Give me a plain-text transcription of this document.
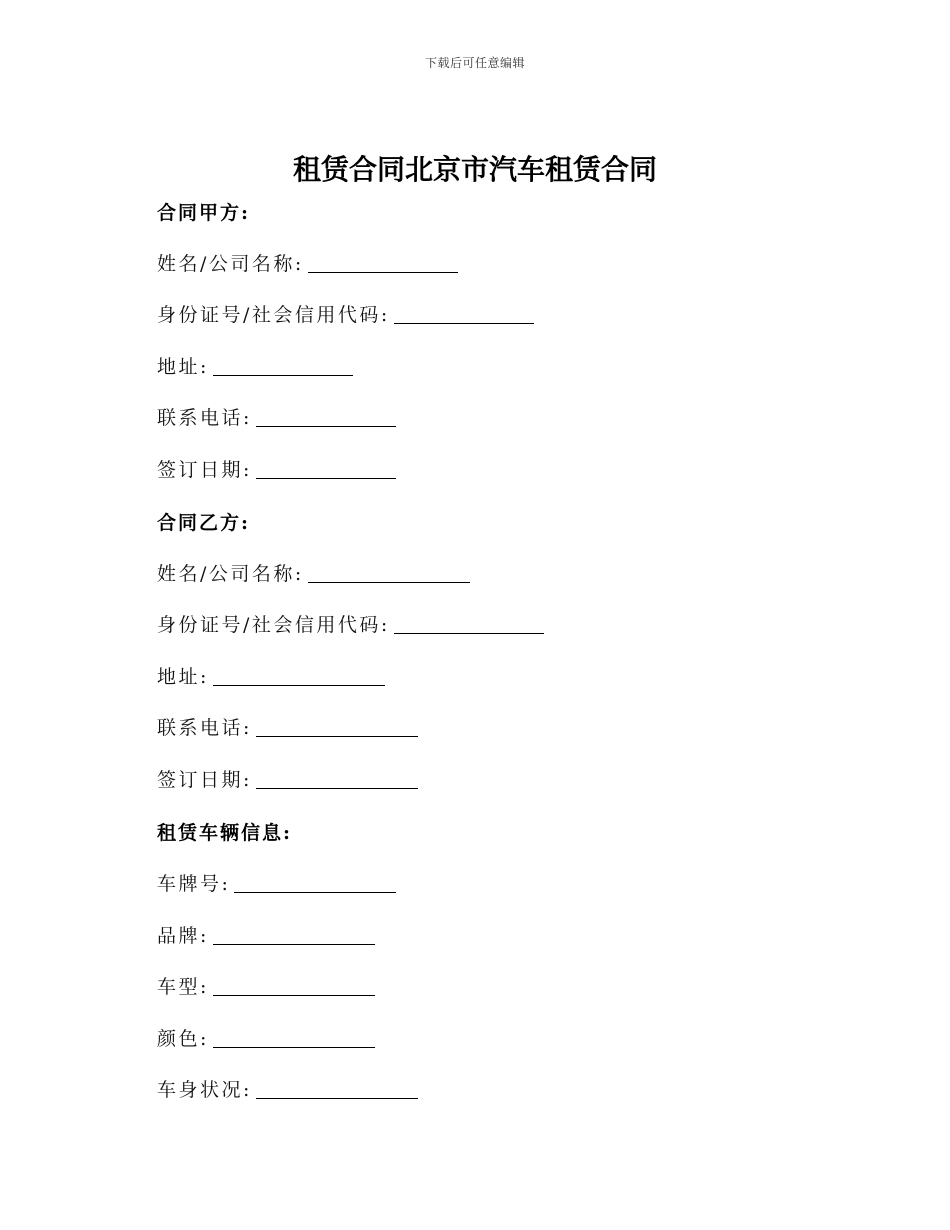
下载后可任意编辑
租赁合同北京市汽车租赁合同
合同甲方:
姓名/公司名称:
身份证号/社会信用代码:
地址:
联系电话:
签订日期:
合同乙方:
姓名/公司名称:
身份证号/社会信用代码:
地址:
联系电话:
签订日期:
租赁车辆信息:
车牌号:
品牌:
车型:
颜色:
车身状况:
